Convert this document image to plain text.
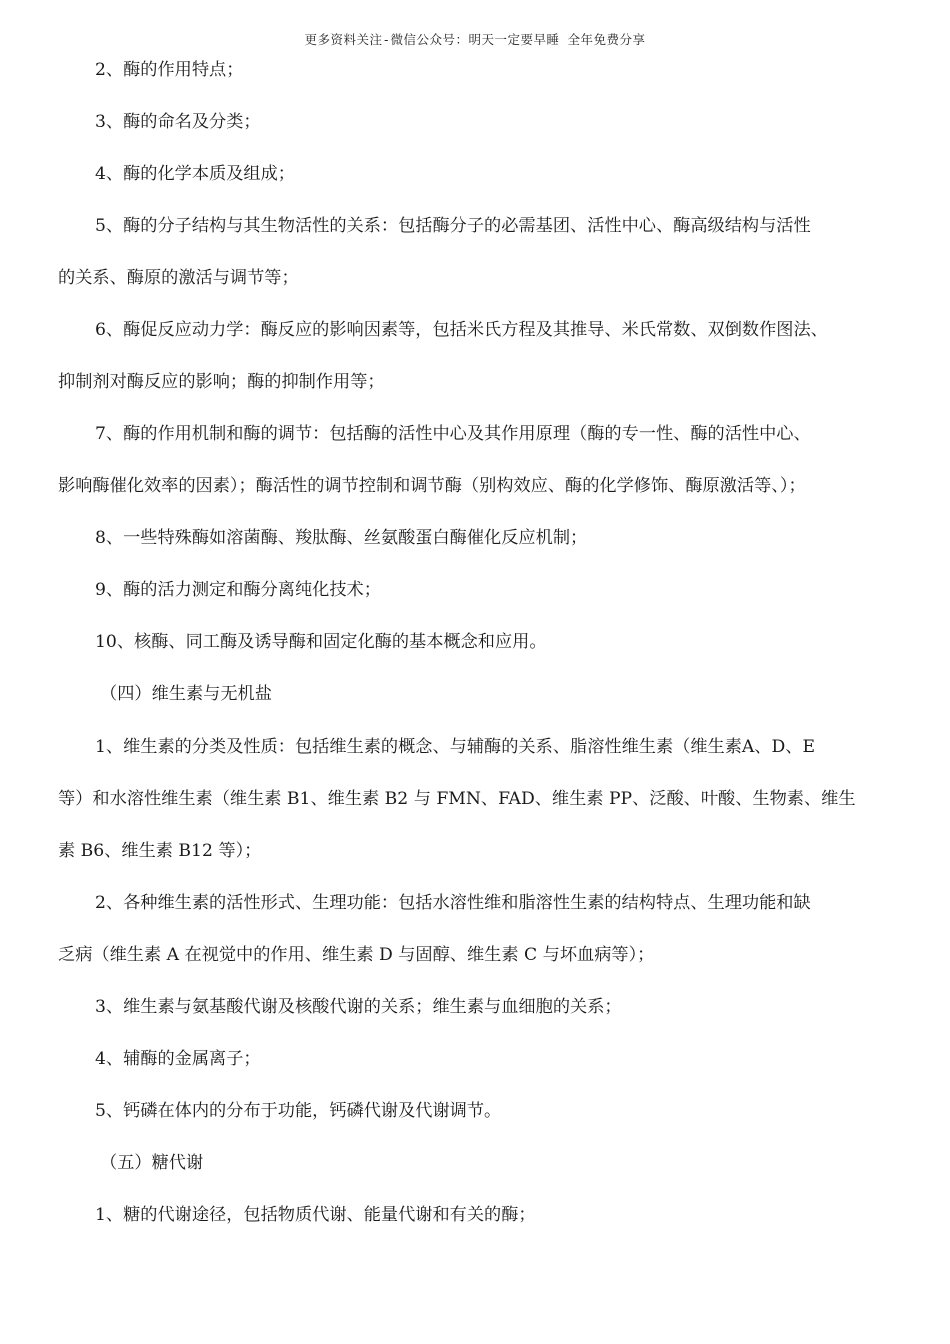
更多资料关注-微信公众号：明天一定要早睡 全年免费分享
2、酶的作用特点；
3、酶的命名及分类；
4、酶的化学本质及组成；
5、酶的分子结构与其生物活性的关系：包括酶分子的必需基团、活性中心、酶高级结构与活性
的关系、酶原的激活与调节等；
6、酶促反应动力学：酶反应的影响因素等，包括米氏方程及其推导、米氏常数、双倒数作图法、
抑制剂对酶反应的影响；酶的抑制作用等；
7、酶的作用机制和酶的调节：包括酶的活性中心及其作用原理（酶的专一性、酶的活性中心、
影响酶催化效率的因素）；酶活性的调节控制和调节酶（别构效应、酶的化学修饰、酶原激活等、）；
8、一些特殊酶如溶菌酶、羧肽酶、丝氨酸蛋白酶催化反应机制；
9、酶的活力测定和酶分离纯化技术；
10、核酶、同工酶及诱导酶和固定化酶的基本概念和应用。
（四）维生素与无机盐
1、维生素的分类及性质：包括维生素的概念、与辅酶的关系、脂溶性维生素（维生素A、D、E
等）和水溶性维生素（维生素 B1、维生素 B2 与 FMN、FAD、维生素 PP、泛酸、叶酸、生物素、维生
素 B6、维生素 B12 等）；
2、各种维生素的活性形式、生理功能：包括水溶性维和脂溶性生素的结构特点、生理功能和缺
乏病（维生素 A 在视觉中的作用、维生素 D 与固醇、维生素 C 与坏血病等）；
3、维生素与氨基酸代谢及核酸代谢的关系；维生素与血细胞的关系；
4、辅酶的金属离子；
5、钙磷在体内的分布于功能，钙磷代谢及代谢调节。
（五）糖代谢
1、糖的代谢途径，包括物质代谢、能量代谢和有关的酶；
